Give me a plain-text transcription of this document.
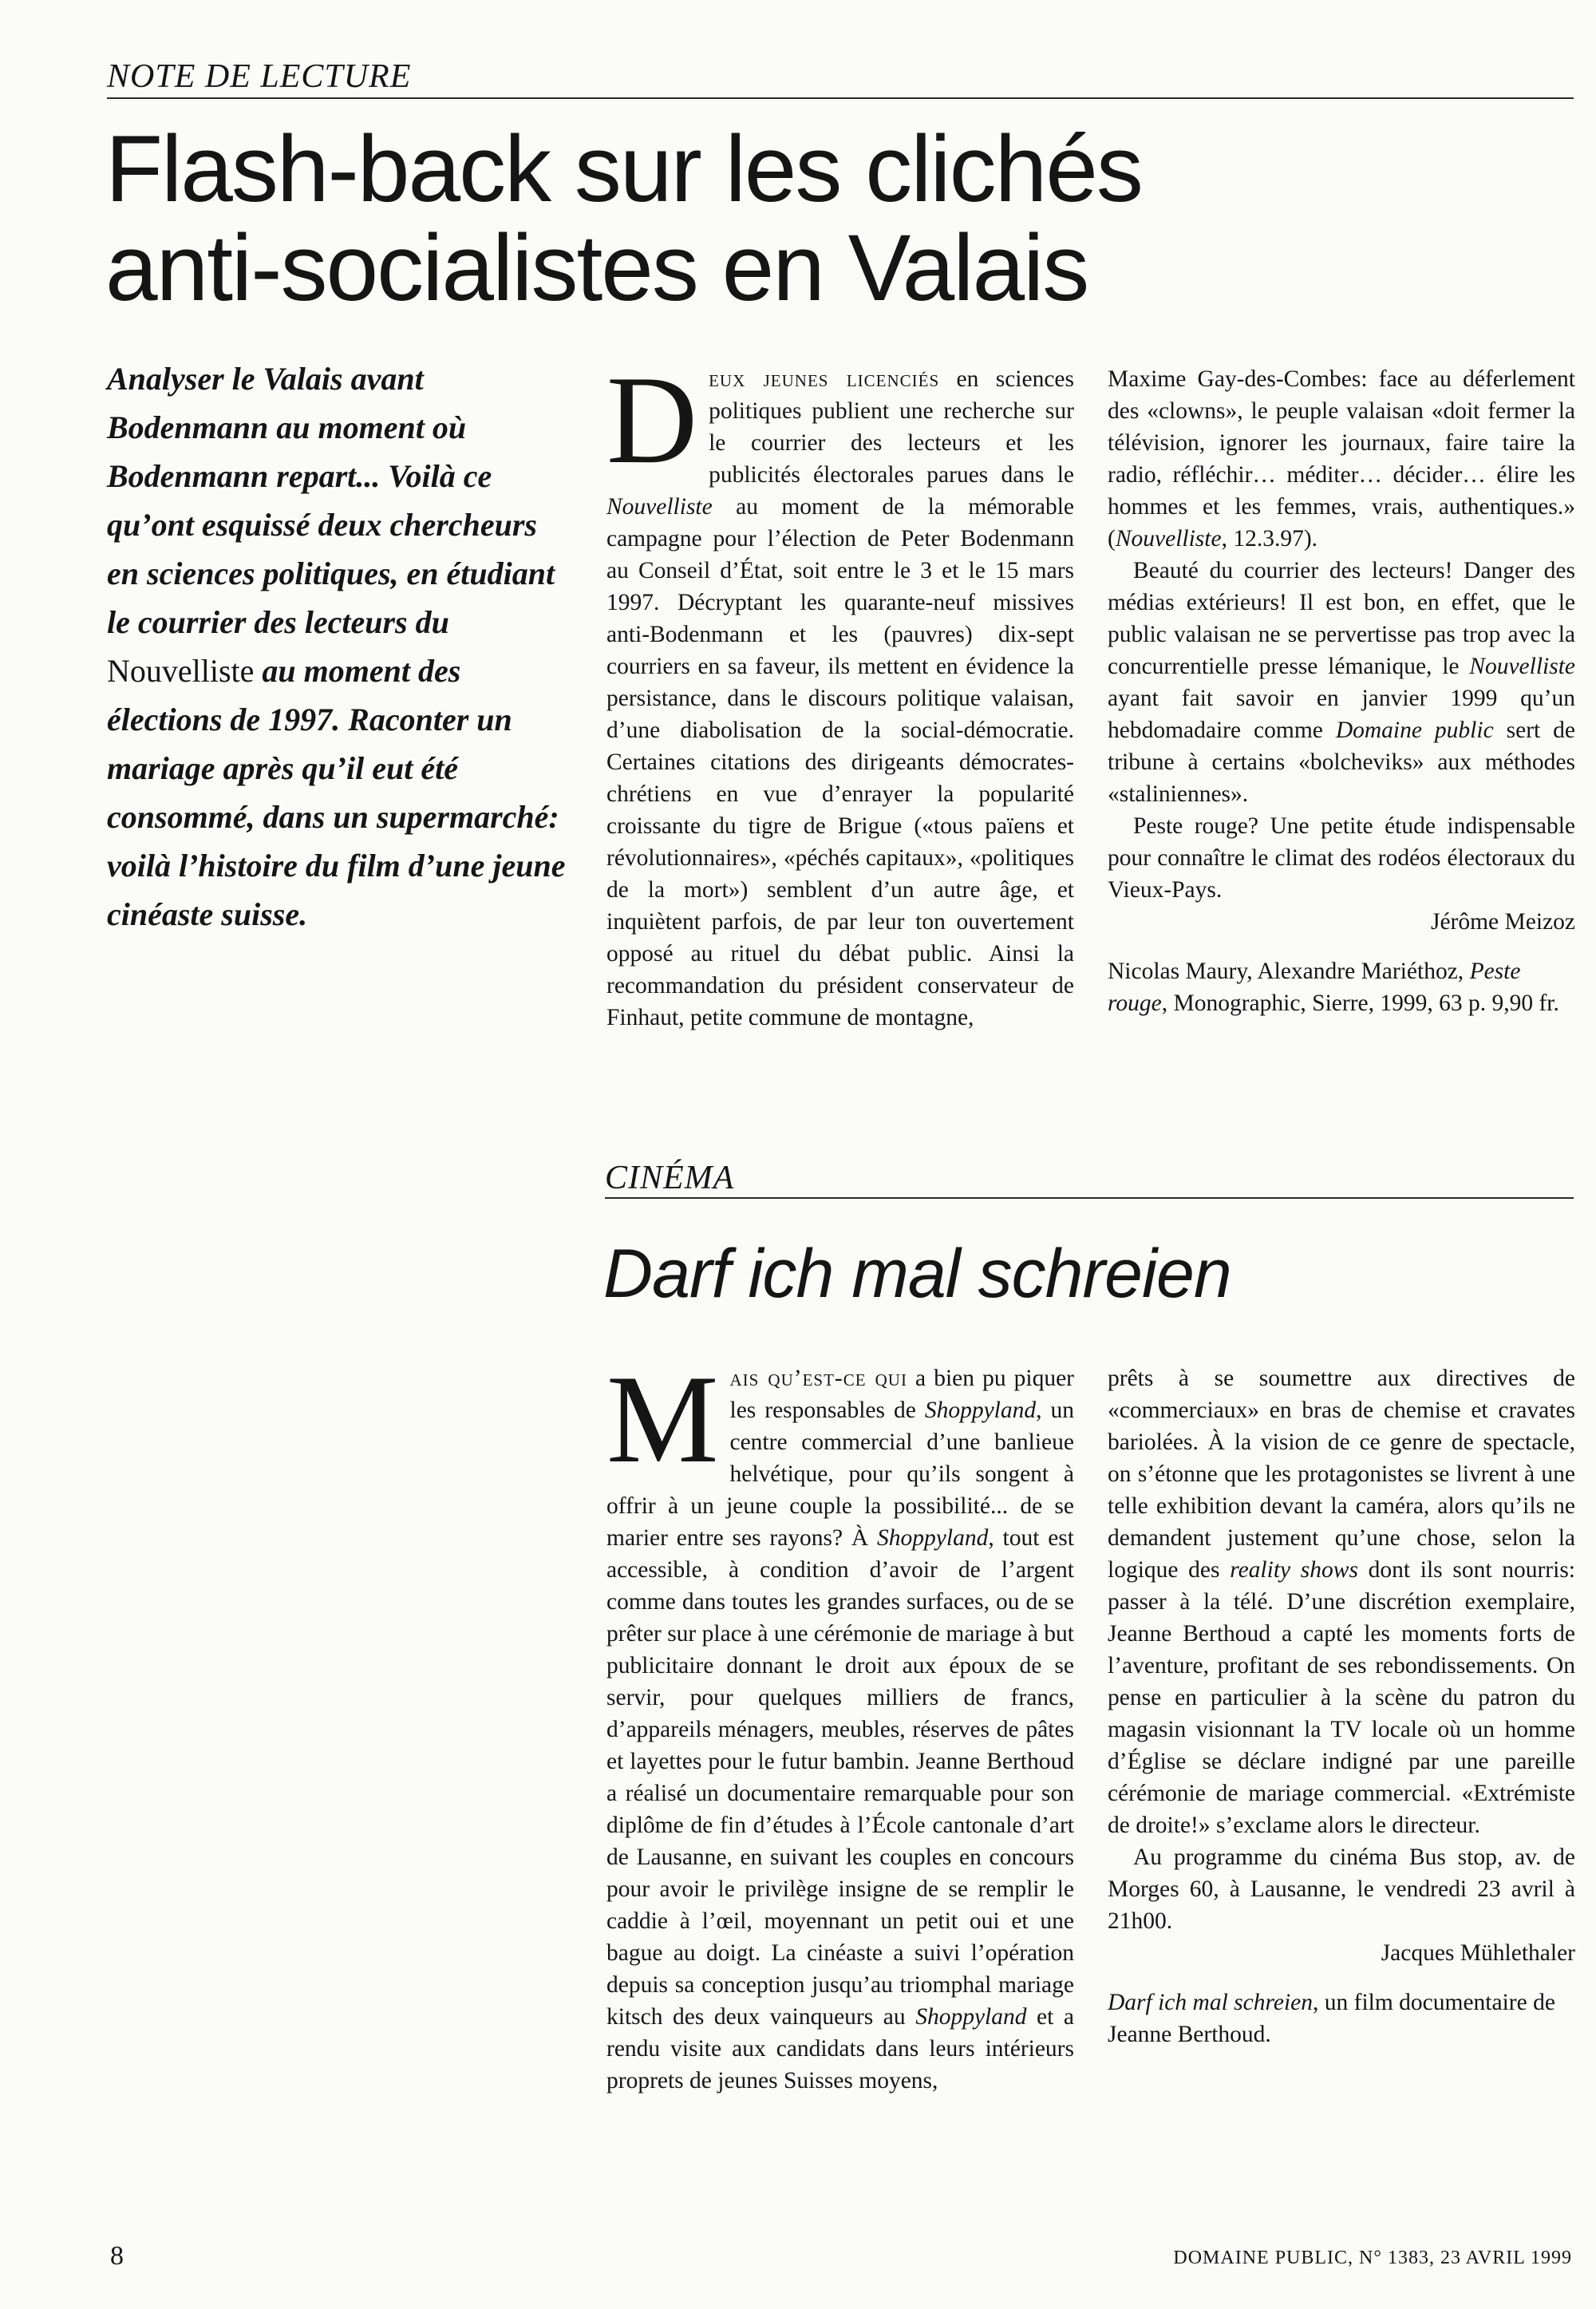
NOTE DE LECTURE
Flash-back sur les clichés
anti-socialistes en Valais
Analyser le Valais avant Bodenmann au moment où Bodenmann repart... Voilà ce qu’ont esquissé deux chercheurs en sciences politiques, en étudiant le courrier des lecteurs du Nouvelliste au moment des élections de 1997. Raconter un mariage après qu’il eut été consommé, dans un supermarché: voilà l’histoire du film d’une jeune cinéaste suisse.

Deux jeunes licenciés en sciences politiques publient une recherche sur le courrier des lecteurs et les publicités électorales parues dans le Nouvelliste au moment de la mémorable campagne pour l’élection de Peter Bodenmann au Conseil d’État, soit entre le 3 et le 15 mars 1997. Décryptant les quarante-neuf missives anti-Bodenmann et les (pauvres) dix-sept courriers en sa faveur, ils mettent en évidence la persistance, dans le discours politique valaisan, d’une diabolisation de la social-démocratie. Certaines citations des dirigeants démocrates-chrétiens en vue d’enrayer la popularité croissante du tigre de Brigue («tous païens et révolutionnaires», «péchés capitaux», «politiques de la mort») semblent d’un autre âge, et inquiètent parfois, de par leur ton ouvertement opposé au rituel du débat public. Ainsi la recommandation du président conservateur de Finhaut, petite commune de montagne,

Maxime Gay-des-Combes: face au déferlement des «clowns», le peuple valaisan «doit fermer la télévision, ignorer les journaux, faire taire la radio, réfléchir… méditer… décider… élire les hommes et les femmes, vrais, authentiques.» (Nouvelliste, 12.3.97).

Beauté du courrier des lecteurs! Danger des médias extérieurs! Il est bon, en effet, que le public valaisan ne se pervertisse pas trop avec la concurrentielle presse lémanique, le Nouvelliste ayant fait savoir en janvier 1999 qu’un hebdomadaire comme Domaine public sert de tribune à certains «bolcheviks» aux méthodes «staliniennes».

Peste rouge? Une petite étude indispensable pour connaître le climat des rodéos électoraux du Vieux-Pays.

Jérôme Meizoz

Nicolas Maury, Alexandre Mariéthoz, Peste rouge, Monographic, Sierre, 1999, 63 p. 9,90 fr.

CINÉMA
Darf ich mal schreien

Mais qu’est-ce qui a bien pu piquer les responsables de Shoppyland, un centre commercial d’une banlieue helvétique, pour qu’ils songent à offrir à un jeune couple la possibilité... de se marier entre ses rayons? À Shoppyland, tout est accessible, à condition d’avoir de l’argent comme dans toutes les grandes surfaces, ou de se prêter sur place à une cérémonie de mariage à but publicitaire donnant le droit aux époux de se servir, pour quelques milliers de francs, d’appareils ménagers, meubles, réserves de pâtes et layettes pour le futur bambin. Jeanne Berthoud a réalisé un documentaire remarquable pour son diplôme de fin d’études à l’École cantonale d’art de Lausanne, en suivant les couples en concours pour avoir le privilège insigne de se remplir le caddie à l’œil, moyennant un petit oui et une bague au doigt. La cinéaste a suivi l’opération depuis sa conception jusqu’au triomphal mariage kitsch des deux vainqueurs au Shoppyland et a rendu visite aux candidats dans leurs intérieurs proprets de jeunes Suisses moyens,

prêts à se soumettre aux directives de «commerciaux» en bras de chemise et cravates bariolées. À la vision de ce genre de spectacle, on s’étonne que les protagonistes se livrent à une telle exhibition devant la caméra, alors qu’ils ne demandent justement qu’une chose, selon la logique des reality shows dont ils sont nourris: passer à la télé. D’une discrétion exemplaire, Jeanne Berthoud a capté les moments forts de l’aventure, profitant de ses rebondissements. On pense en particulier à la scène du patron du magasin visionnant la TV locale où un homme d’Église se déclare indigné par une pareille cérémonie de mariage commercial. «Extrémiste de droite!» s’exclame alors le directeur.

Au programme du cinéma Bus stop, av. de Morges 60, à Lausanne, le vendredi 23 avril à 21h00.

Jacques Mühlethaler

Darf ich mal schreien, un film documentaire de Jeanne Berthoud.

8	DOMAINE PUBLIC, N° 1383, 23 AVRIL 1999
